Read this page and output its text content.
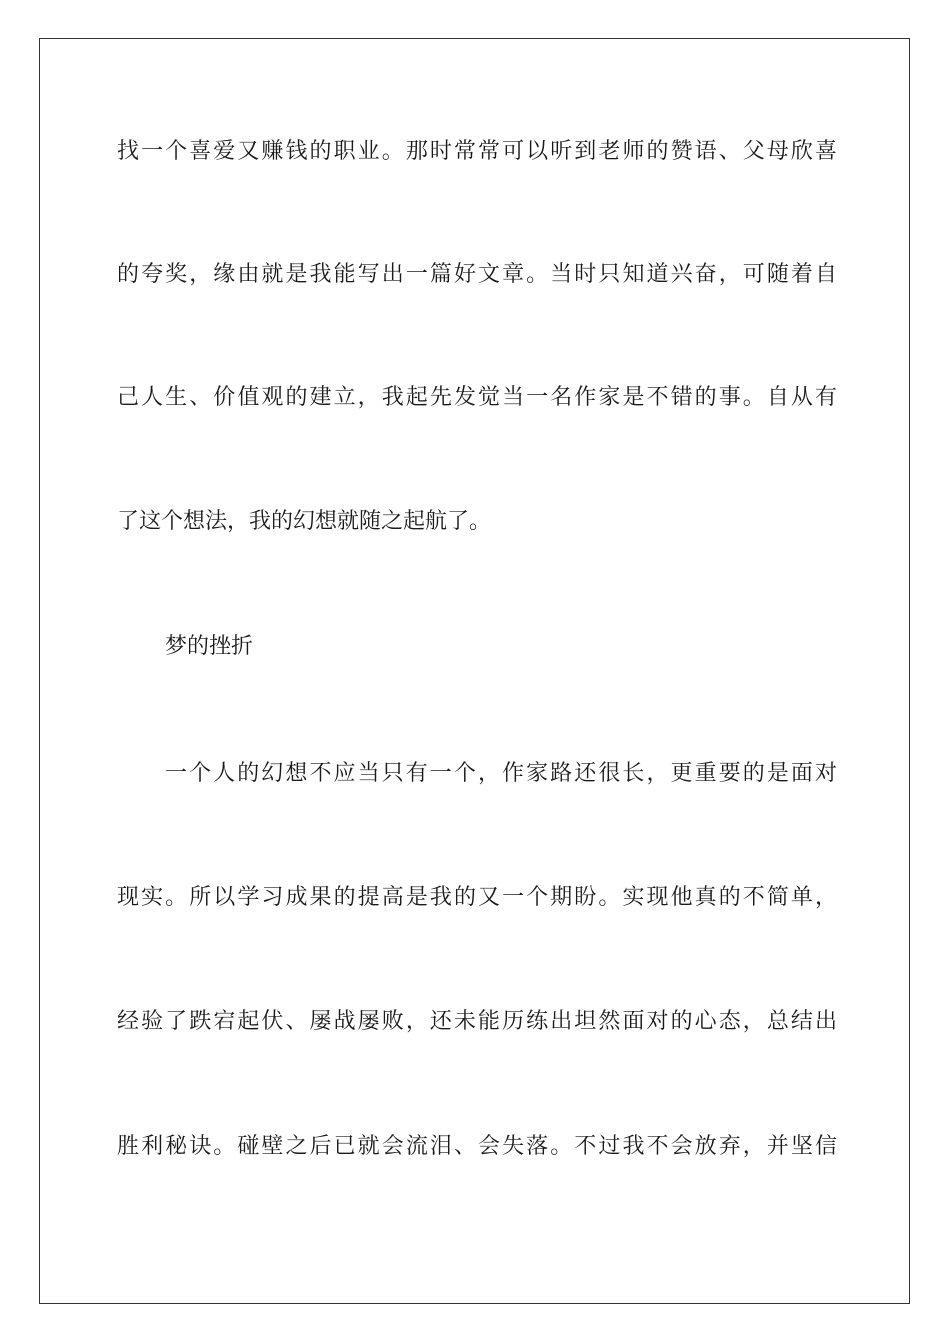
找一个喜爱又赚钱的职业。那时常常可以听到老师的赞语、父母欣喜
的夸奖，缘由就是我能写出一篇好文章。当时只知道兴奋，可随着自
己人生、价值观的建立，我起先发觉当一名作家是不错的事。自从有
了这个想法，我的幻想就随之起航了。
梦的挫折
一个人的幻想不应当只有一个，作家路还很长，更重要的是面对
现实。所以学习成果的提高是我的又一个期盼。实现他真的不简单，
经验了跌宕起伏、屡战屡败，还未能历练出坦然面对的心态，总结出
胜利秘诀。碰壁之后已就会流泪、会失落。不过我不会放弃，并坚信
